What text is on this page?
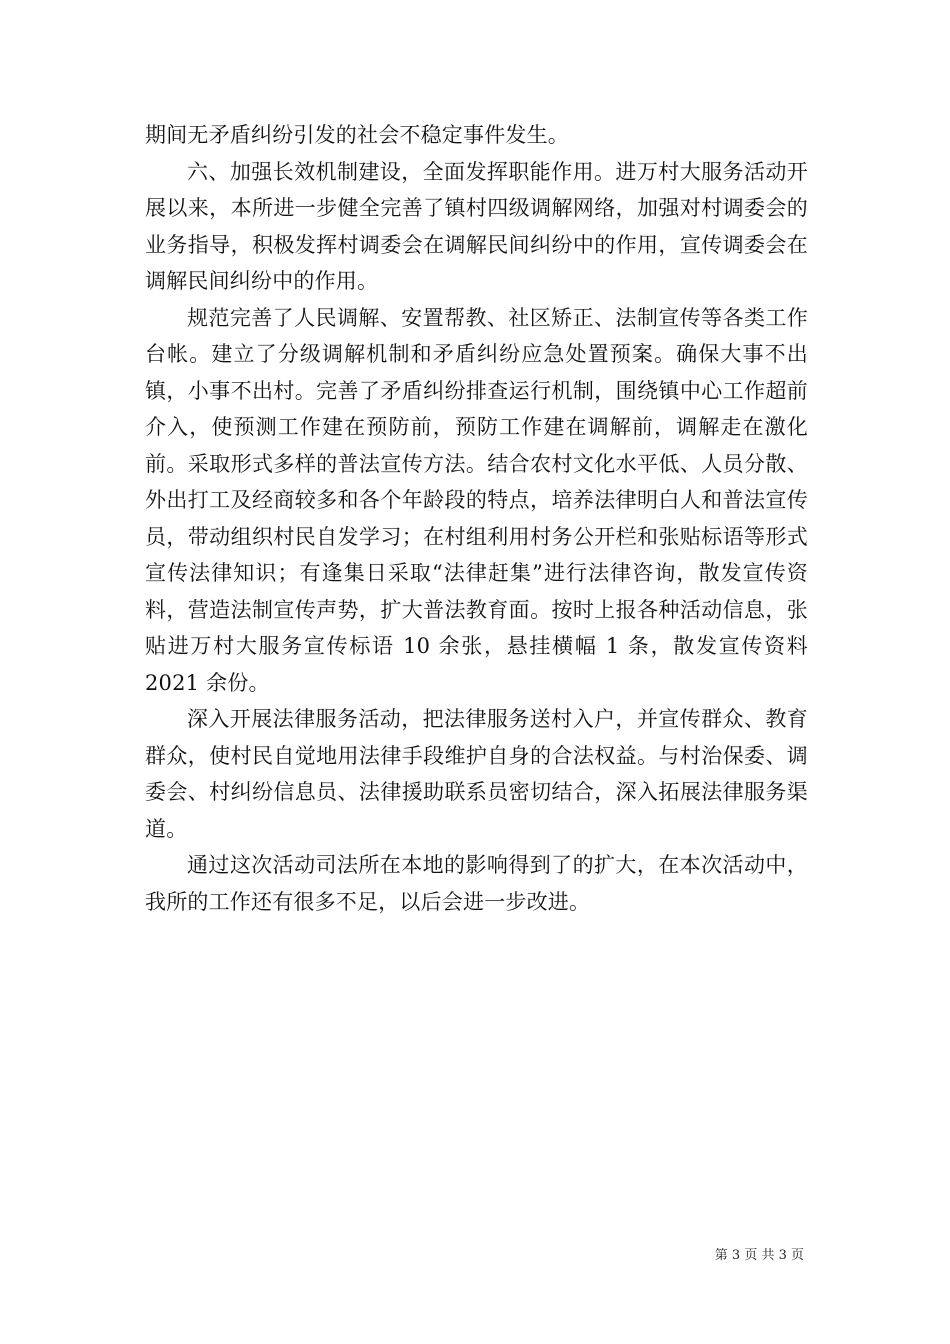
期间无矛盾纠纷引发的社会不稳定事件发生。

六、加强长效机制建设，全面发挥职能作用。进万村大服务活动开展以来，本所进一步健全完善了镇村四级调解网络，加强对村调委会的业务指导，积极发挥村调委会在调解民间纠纷中的作用，宣传调委会在调解民间纠纷中的作用。

规范完善了人民调解、安置帮教、社区矫正、法制宣传等各类工作台帐。建立了分级调解机制和矛盾纠纷应急处置预案。确保大事不出镇，小事不出村。完善了矛盾纠纷排查运行机制，围绕镇中心工作超前介入，使预测工作建在预防前，预防工作建在调解前，调解走在激化前。采取形式多样的普法宣传方法。结合农村文化水平低、人员分散、外出打工及经商较多和各个年龄段的特点，培养法律明白人和普法宣传员，带动组织村民自发学习；在村组利用村务公开栏和张贴标语等形式宣传法律知识；有逢集日采取“法律赶集”进行法律咨询，散发宣传资料，营造法制宣传声势，扩大普法教育面。按时上报各种活动信息，张贴进万村大服务宣传标语 10 余张，悬挂横幅 1 条，散发宣传资料 2021 余份。

深入开展法律服务活动，把法律服务送村入户，并宣传群众、教育群众，使村民自觉地用法律手段维护自身的合法权益。与村治保委、调委会、村纠纷信息员、法律援助联系员密切结合，深入拓展法律服务渠道。

通过这次活动司法所在本地的影响得到了的扩大，在本次活动中，我所的工作还有很多不足，以后会进一步改进。

第 3 页 共 3 页
